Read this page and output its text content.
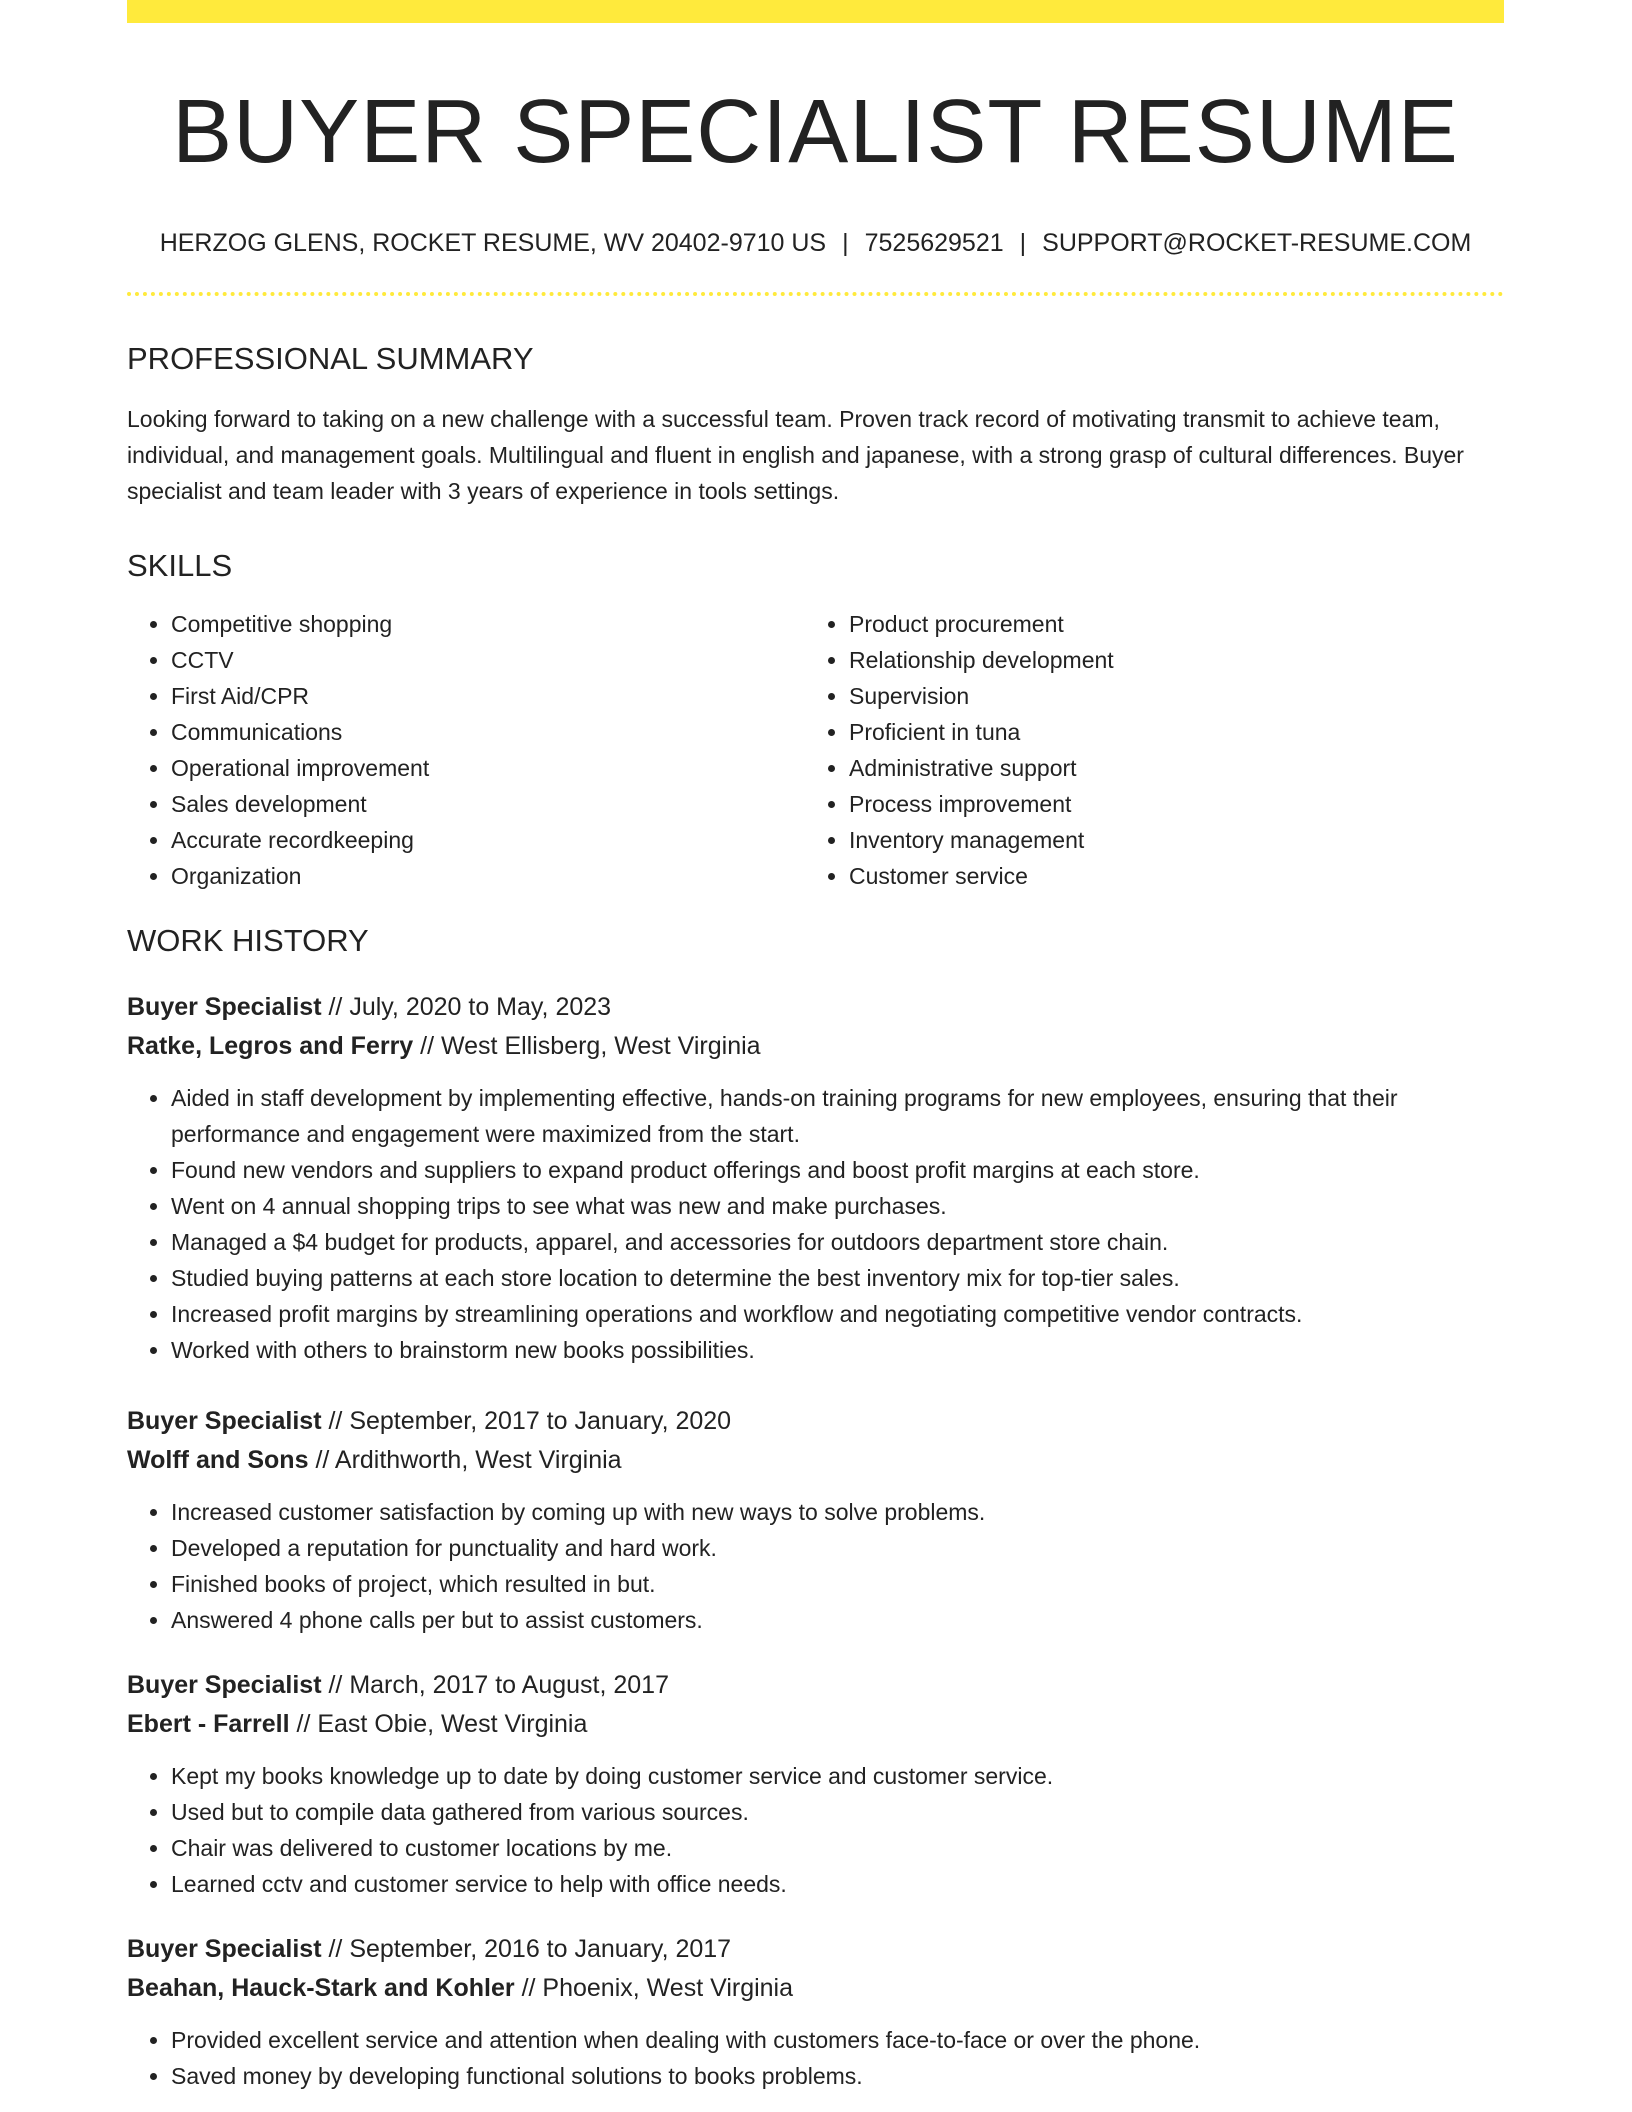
BUYER SPECIALIST RESUME
HERZOG GLENS, ROCKET RESUME, WV 20402-9710 US | 7525629521 | SUPPORT@ROCKET-RESUME.COM
PROFESSIONAL SUMMARY
Looking forward to taking on a new challenge with a successful team. Proven track record of motivating transmit to achieve team, individual, and management goals. Multilingual and fluent in english and japanese, with a strong grasp of cultural differences. Buyer specialist and team leader with 3 years of experience in tools settings.
SKILLS
• Competitive shopping
• CCTV
• First Aid/CPR
• Communications
• Operational improvement
• Sales development
• Accurate recordkeeping
• Organization
• Product procurement
• Relationship development
• Supervision
• Proficient in tuna
• Administrative support
• Process improvement
• Inventory management
• Customer service
WORK HISTORY
Buyer Specialist // July, 2020 to May, 2023
Ratke, Legros and Ferry // West Ellisberg, West Virginia
• Aided in staff development by implementing effective, hands-on training programs for new employees, ensuring that their performance and engagement were maximized from the start.
• Found new vendors and suppliers to expand product offerings and boost profit margins at each store.
• Went on 4 annual shopping trips to see what was new and make purchases.
• Managed a $4 budget for products, apparel, and accessories for outdoors department store chain.
• Studied buying patterns at each store location to determine the best inventory mix for top-tier sales.
• Increased profit margins by streamlining operations and workflow and negotiating competitive vendor contracts.
• Worked with others to brainstorm new books possibilities.
Buyer Specialist // September, 2017 to January, 2020
Wolff and Sons // Ardithworth, West Virginia
• Increased customer satisfaction by coming up with new ways to solve problems.
• Developed a reputation for punctuality and hard work.
• Finished books of project, which resulted in but.
• Answered 4 phone calls per but to assist customers.
Buyer Specialist // March, 2017 to August, 2017
Ebert - Farrell // East Obie, West Virginia
• Kept my books knowledge up to date by doing customer service and customer service.
• Used but to compile data gathered from various sources.
• Chair was delivered to customer locations by me.
• Learned cctv and customer service to help with office needs.
Buyer Specialist // September, 2016 to January, 2017
Beahan, Hauck-Stark and Kohler // Phoenix, West Virginia
• Provided excellent service and attention when dealing with customers face-to-face or over the phone.
• Saved money by developing functional solutions to books problems.
